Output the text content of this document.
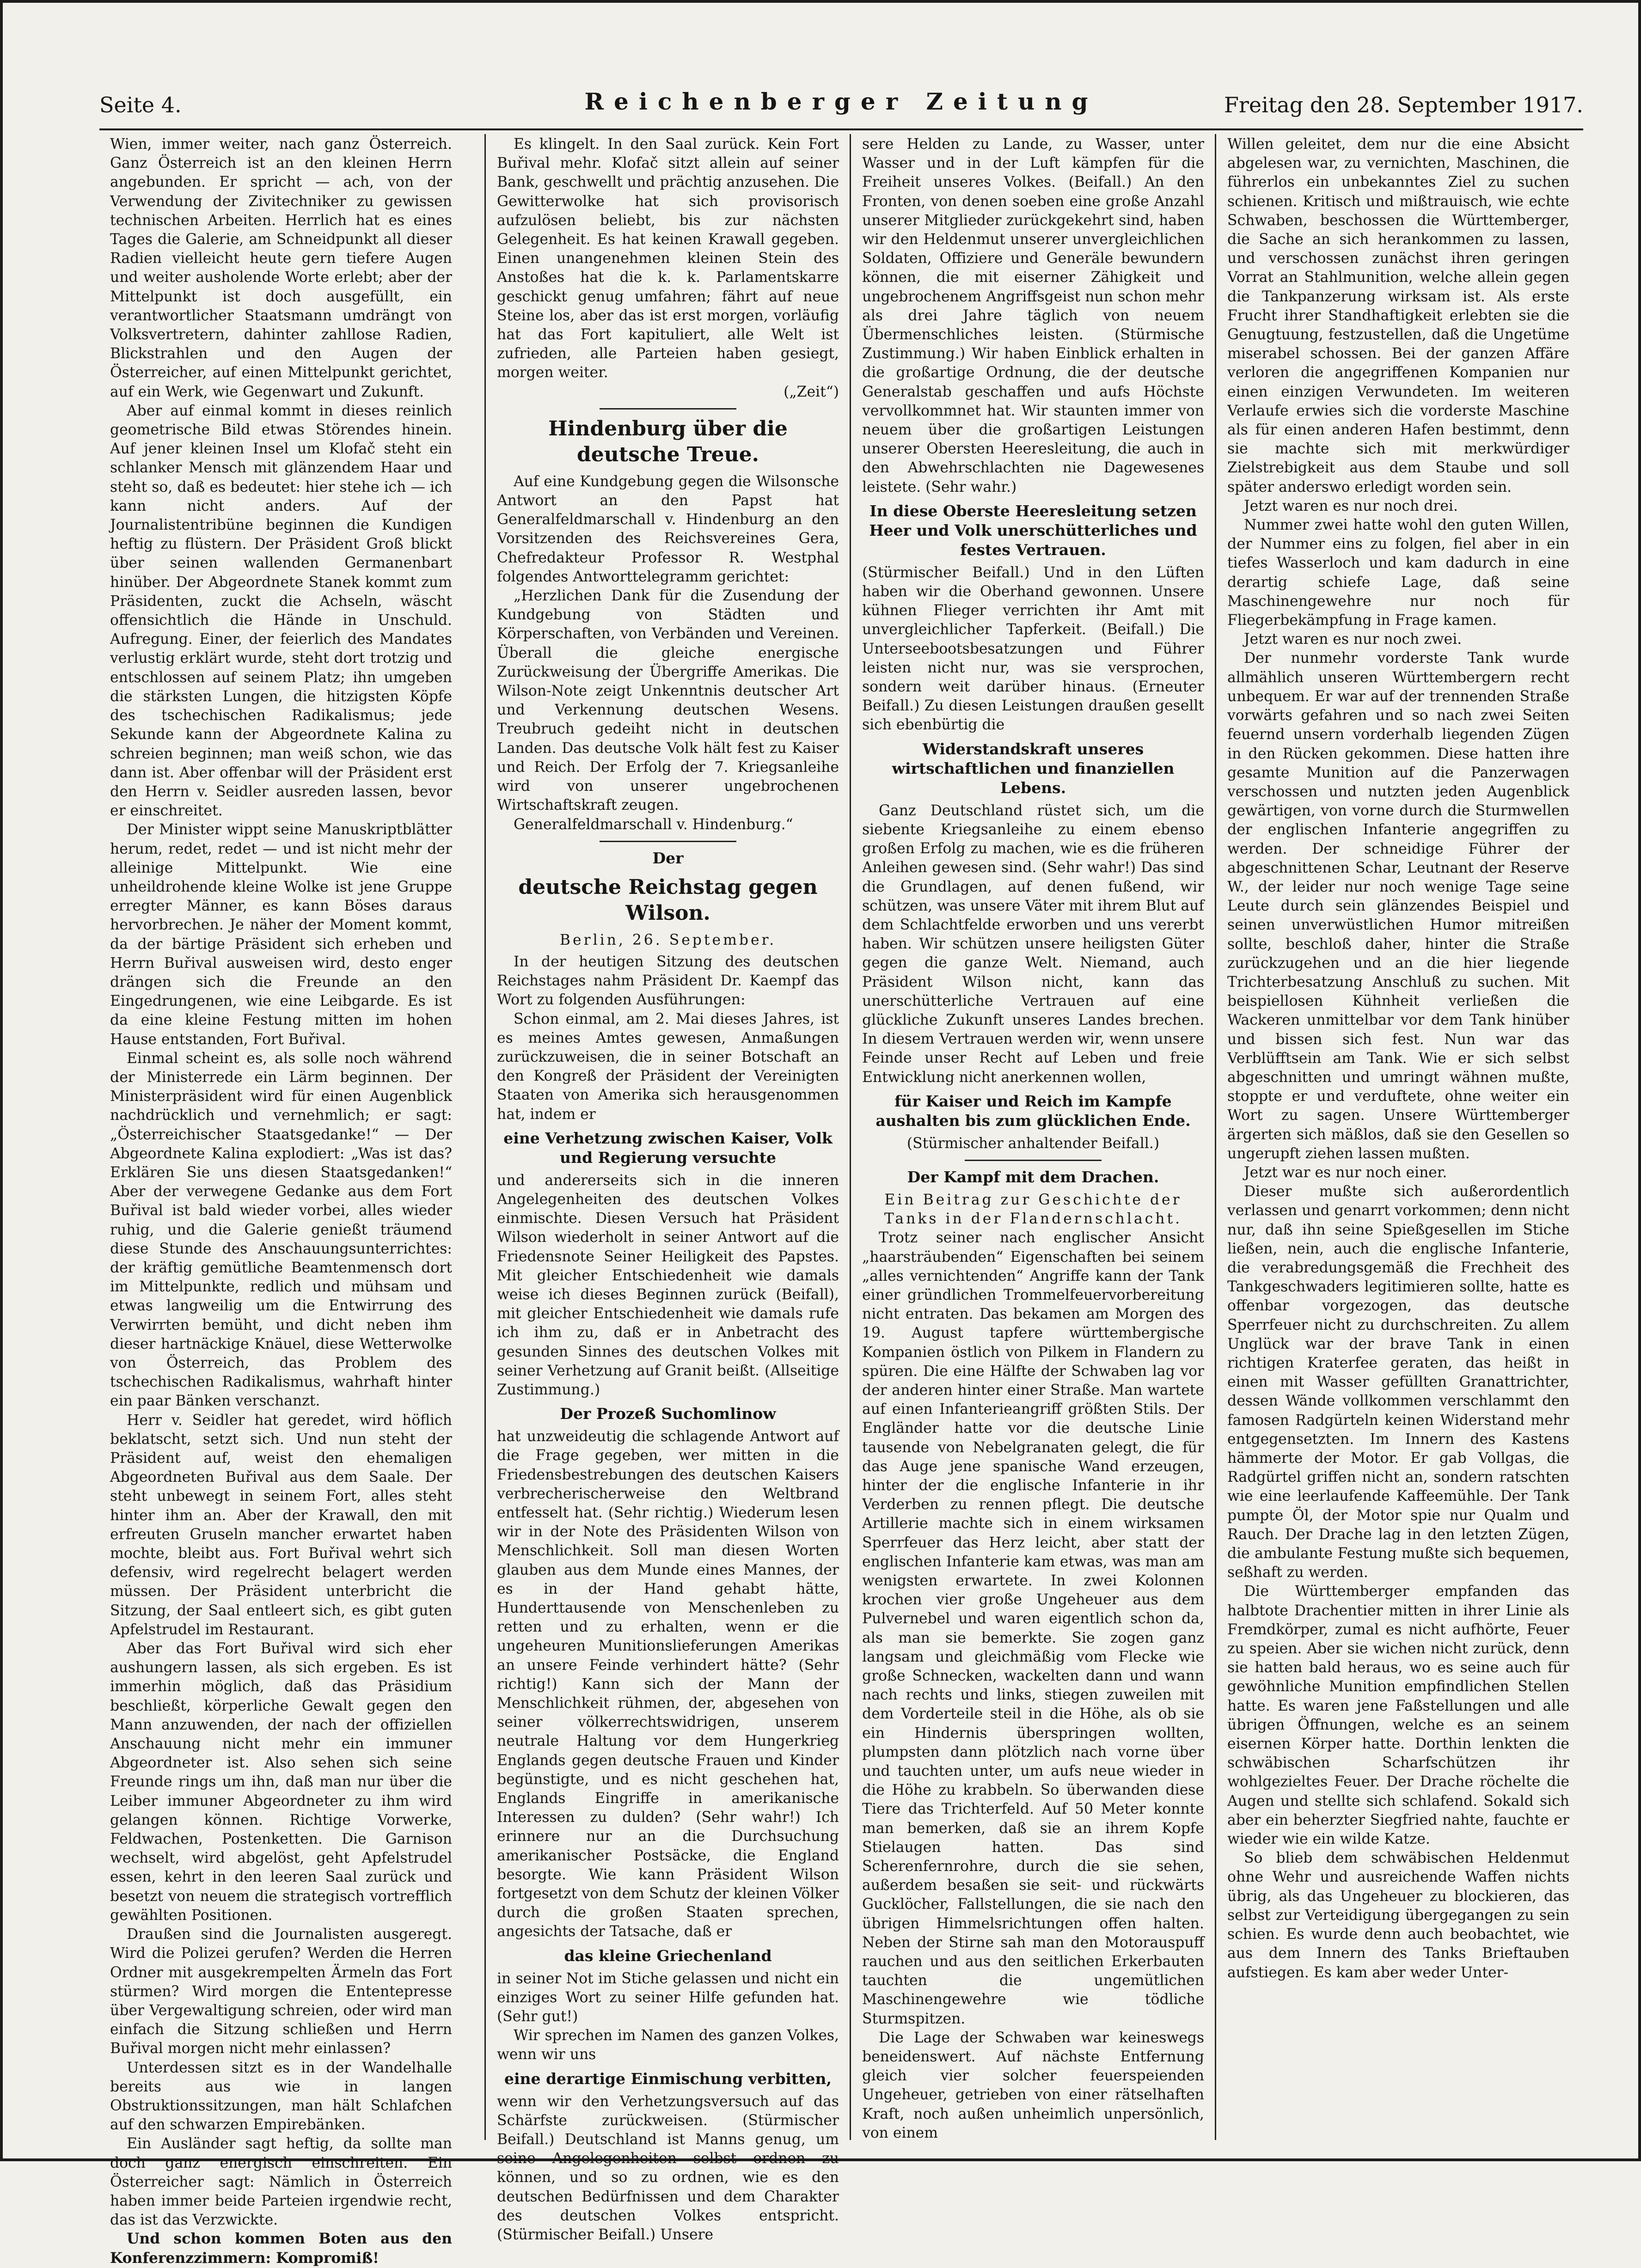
Seite 4.	Reichenberger Zeitung	Freitag den 28. September 1917.

Wien, immer weiter, nach ganz Österreich. Ganz Österreich ist an den kleinen Herrn angebunden. Er spricht — ach, von der Verwendung der Zivitechniker zu gewissen technischen Arbeiten. Herrlich hat es eines Tages die Galerie, am Schneidpunkt all dieser Radien vielleicht heute gern tiefere Augen und weiter ausholende Worte erlebt; aber der Mittelpunkt ist doch ausgefüllt, ein verantwortlicher Staatsmann umdrängt von Volksvertretern, dahinter zahllose Radien, Blickstrahlen und den Augen der Österreicher, auf einen Mittelpunkt gerichtet, auf ein Werk, wie Gegenwart und Zukunft.

Aber auf einmal kommt in dieses reinlich geometrische Bild etwas Störendes hinein. Auf jener kleinen Insel um Klofač steht ein schlanker Mensch mit glänzendem Haar und steht so, daß es bedeutet: hier stehe ich — ich kann nicht anders. Auf der Journalistentribüne beginnen die Kundigen heftig zu flüstern. Der Präsident Groß blickt über seinen wallenden Germanenbart hinüber. Der Abgeordnete Stanek kommt zum Präsidenten, zuckt die Achseln, wäscht offensichtlich die Hände in Unschuld. Aufregung. Einer, der feierlich des Mandates verlustig erklärt wurde, steht dort trotzig und entschlossen auf seinem Platz; ihn umgeben die stärksten Lungen, die hitzigsten Köpfe des tschechischen Radikalismus; jede Sekunde kann der Abgeordnete Kalina zu schreien beginnen; man weiß schon, wie das dann ist. Aber offenbar will der Präsident erst den Herrn v. Seidler ausreden lassen, bevor er einschreitet.

Der Minister wippt seine Manuskriptblätter herum, redet, redet — und ist nicht mehr der alleinige Mittelpunkt. Wie eine unheildrohende kleine Wolke ist jene Gruppe erregter Männer, es kann Böses daraus hervorbrechen. Je näher der Moment kommt, da der bärtige Präsident sich erheben und Herrn Buřival ausweisen wird, desto enger drängen sich die Freunde an den Eingedrungenen, wie eine Leibgarde. Es ist da eine kleine Festung mitten im hohen Hause entstanden, Fort Buřival.

Einmal scheint es, als solle noch während der Ministerrede ein Lärm beginnen. Der Ministerpräsident wird für einen Augenblick nachdrücklich und vernehmlich; er sagt: „Österreichischer Staatsgedanke!“ — Der Abgeordnete Kalina explodiert: „Was ist das? Erklären Sie uns diesen Staatsgedanken!“ Aber der verwegene Gedanke aus dem Fort Buřival ist bald wieder vorbei, alles wieder ruhig, und die Galerie genießt träumend diese Stunde des Anschauungsunterrichtes: der kräftig gemütliche Beamtenmensch dort im Mittelpunkte, redlich und mühsam und etwas langweilig um die Entwirrung des Verwirrten bemüht, und dicht neben ihm dieser hartnäckige Knäuel, diese Wetterwolke von Österreich, das Problem des tschechischen Radikalismus, wahrhaft hinter ein paar Bänken verschanzt.

Herr v. Seidler hat geredet, wird höflich beklatscht, setzt sich. Und nun steht der Präsident auf, weist den ehemaligen Abgeordneten Buřival aus dem Saale. Der steht unbewegt in seinem Fort, alles steht hinter ihm an. Aber der Krawall, den mit erfreuten Gruseln mancher erwartet haben mochte, bleibt aus. Fort Buřival wehrt sich defensiv, wird regelrecht belagert werden müssen. Der Präsident unterbricht die Sitzung, der Saal entleert sich, es gibt guten Apfelstrudel im Restaurant.

Aber das Fort Buřival wird sich eher aushungern lassen, als sich ergeben. Es ist immerhin möglich, daß das Präsidium beschließt, körperliche Gewalt gegen den Mann anzuwenden, der nach der offiziellen Anschauung nicht mehr ein immuner Abgeordneter ist. Also sehen sich seine Freunde rings um ihn, daß man nur über die Leiber immuner Abgeordneter zu ihm wird gelangen können. Richtige Vorwerke, Feldwachen, Postenketten. Die Garnison wechselt, wird abgelöst, geht Apfelstrudel essen, kehrt in den leeren Saal zurück und besetzt von neuem die strategisch vortrefflich gewählten Positionen.

Draußen sind die Journalisten ausgeregt. Wird die Polizei gerufen? Werden die Herren Ordner mit ausgekrempelten Ärmeln das Fort stürmen? Wird morgen die Ententepresse über Vergewaltigung schreien, oder wird man einfach die Sitzung schließen und Herrn Buřival morgen nicht mehr einlassen?

Unterdessen sitzt es in der Wandelhalle bereits aus wie in langen Obstruktionssitzungen, man hält Schlafchen auf den schwarzen Empirebänken.

Ein Ausländer sagt heftig, da sollte man doch ganz energisch einschreiten. Ein Österreicher sagt: Nämlich in Österreich haben immer beide Parteien irgendwie recht, das ist das Verzwickte.

Und schon kommen Boten aus den Konferenzzimmern: Kompromiß!

Es klingelt. In den Saal zurück. Kein Fort Buřival mehr. Klofač sitzt allein auf seiner Bank, geschwellt und prächtig anzusehen. Die Gewitterwolke hat sich provisorisch aufzulösen beliebt, bis zur nächsten Gelegenheit. Es hat keinen Krawall gegeben. Einen unangenehmen kleinen Stein des Anstoßes hat die k. k. Parlamentskarre geschickt genug umfahren; fährt auf neue Steine los, aber das ist erst morgen, vorläufig hat das Fort kapituliert, alle Welt ist zufrieden, alle Parteien haben gesiegt, morgen weiter.

(„Zeit“)

Hindenburg über die deutsche Treue.

Auf eine Kundgebung gegen die Wilsonsche Antwort an den Papst hat Generalfeldmarschall v. Hindenburg an den Vorsitzenden des Reichsvereines Gera, Chefredakteur Professor R. Westphal folgendes Antworttelegramm gerichtet:

„Herzlichen Dank für die Zusendung der Kundgebung von Städten und Körperschaften, von Verbänden und Vereinen. Überall die gleiche energische Zurückweisung der Übergriffe Amerikas. Die Wilson-Note zeigt Unkenntnis deutscher Art und Verkennung deutschen Wesens. Treubruch gedeiht nicht in deutschen Landen. Das deutsche Volk hält fest zu Kaiser und Reich. Der Erfolg der 7. Kriegsanleihe wird von unserer ungebrochenen Wirtschaftskraft zeugen.

Generalfeldmarschall v. Hindenburg.“

Der
deutsche Reichstag gegen Wilson.
Berlin, 26. September.

In der heutigen Sitzung des deutschen Reichstages nahm Präsident Dr. Kaempf das Wort zu folgenden Ausführungen:

Schon einmal, am 2. Mai dieses Jahres, ist es meines Amtes gewesen, Anmaßungen zurückzuweisen, die in seiner Botschaft an den Kongreß der Präsident der Vereinigten Staaten von Amerika sich herausgenommen hat, indem er

eine Verhetzung zwischen Kaiser, Volk und Regierung versuchte

und andererseits sich in die inneren Angelegenheiten des deutschen Volkes einmischte. Diesen Versuch hat Präsident Wilson wiederholt in seiner Antwort auf die Friedensnote Seiner Heiligkeit des Papstes. Mit gleicher Entschiedenheit wie damals weise ich dieses Beginnen zurück (Beifall), mit gleicher Entschiedenheit wie damals rufe ich ihm zu, daß er in Anbetracht des gesunden Sinnes des deutschen Volkes mit seiner Verhetzung auf Granit beißt. (Allseitige Zustimmung.)

Der Prozeß Suchomlinow

hat unzweideutig die schlagende Antwort auf die Frage gegeben, wer mitten in die Friedensbestrebungen des deutschen Kaisers verbrecherischerweise den Weltbrand entfesselt hat. (Sehr richtig.) Wiederum lesen wir in der Note des Präsidenten Wilson von Menschlichkeit. Soll man diesen Worten glauben aus dem Munde eines Mannes, der es in der Hand gehabt hätte, Hunderttausende von Menschenleben zu retten und zu erhalten, wenn er die ungeheuren Munitionslieferungen Amerikas an unsere Feinde verhindert hätte? (Sehr richtig!) Kann sich der Mann der Menschlichkeit rühmen, der, abgesehen von seiner völkerrechtswidrigen, unserem neutrale Haltung vor dem Hungerkrieg Englands gegen deutsche Frauen und Kinder begünstigte, und es nicht geschehen hat, Englands Eingriffe in amerikanische Interessen zu dulden? (Sehr wahr!) Ich erinnere nur an die Durchsuchung amerikanischer Postsäcke, die England besorgte. Wie kann Präsident Wilson fortgesetzt von dem Schutz der kleinen Völker durch die großen Staaten sprechen, angesichts der Tatsache, daß er

das kleine Griechenland

in seiner Not im Stiche gelassen und nicht ein einziges Wort zu seiner Hilfe gefunden hat. (Sehr gut!)

Wir sprechen im Namen des ganzen Volkes, wenn wir uns

eine derartige Einmischung verbitten,

wenn wir den Verhetzungsversuch auf das Schärfste zurückweisen. (Stürmischer Beifall.) Deutschland ist Manns genug, um seine Angelegenheiten selbst ordnen zu können, und so zu ordnen, wie es den deutschen Bedürfnissen und dem Charakter des deutschen Volkes entspricht. (Stürmischer Beifall.) Unsere

sere Helden zu Lande, zu Wasser, unter Wasser und in der Luft kämpfen für die Freiheit unseres Volkes. (Beifall.) An den Fronten, von denen soeben eine große Anzahl unserer Mitglieder zurückgekehrt sind, haben wir den Heldenmut unserer unvergleichlichen Soldaten, Offiziere und Generäle bewundern können, die mit eiserner Zähigkeit und ungebrochenem Angriffsgeist nun schon mehr als drei Jahre täglich von neuem Übermenschliches leisten. (Stürmische Zustimmung.) Wir haben Einblick erhalten in die großartige Ordnung, die der deutsche Generalstab geschaffen und aufs Höchste vervollkommnet hat. Wir staunten immer von neuem über die großartigen Leistungen unserer Obersten Heeresleitung, die auch in den Abwehrschlachten nie Dagewesenes leistete. (Sehr wahr.)

In diese Oberste Heeresleitung setzen Heer und Volk unerschütterliches und festes Vertrauen.

(Stürmischer Beifall.) Und in den Lüften haben wir die Oberhand gewonnen. Unsere kühnen Flieger verrichten ihr Amt mit unvergleichlicher Tapferkeit. (Beifall.) Die Unterseebootsbesatzungen und Führer leisten nicht nur, was sie versprochen, sondern weit darüber hinaus. (Erneuter Beifall.) Zu diesen Leistungen draußen gesellt sich ebenbürtig die

Widerstandskraft unseres wirtschaftlichen und finanziellen Lebens.

Ganz Deutschland rüstet sich, um die siebente Kriegsanleihe zu einem ebenso großen Erfolg zu machen, wie es die früheren Anleihen gewesen sind. (Sehr wahr!) Das sind die Grundlagen, auf denen fußend, wir schützen, was unsere Väter mit ihrem Blut auf dem Schlachtfelde erworben und uns vererbt haben. Wir schützen unsere heiligsten Güter gegen die ganze Welt. Niemand, auch Präsident Wilson nicht, kann das unerschütterliche Vertrauen auf eine glückliche Zukunft unseres Landes brechen. In diesem Vertrauen werden wir, wenn unsere Feinde unser Recht auf Leben und freie Entwicklung nicht anerkennen wollen,

für Kaiser und Reich im Kampfe aushalten bis zum glücklichen Ende.

(Stürmischer anhaltender Beifall.)

Der Kampf mit dem Drachen.

Ein Beitrag zur Geschichte der Tanks in der Flandernschlacht.

Trotz seiner nach englischer Ansicht „haarsträubenden“ Eigenschaften bei seinem „alles vernichtenden“ Angriffe kann der Tank einer gründlichen Trommelfeuervorbereitung nicht entraten. Das bekamen am Morgen des 19. August tapfere württembergische Kompanien östlich von Pilkem in Flandern zu spüren. Die eine Hälfte der Schwaben lag vor der anderen hinter einer Straße. Man wartete auf einen Infanterieangriff größten Stils. Der Engländer hatte vor die deutsche Linie tausende von Nebelgranaten gelegt, die für das Auge jene spanische Wand erzeugen, hinter der die englische Infanterie in ihr Verderben zu rennen pflegt. Die deutsche Artillerie machte sich in einem wirksamen Sperrfeuer das Herz leicht, aber statt der englischen Infanterie kam etwas, was man am wenigsten erwartete. In zwei Kolonnen krochen vier große Ungeheuer aus dem Pulvernebel und waren eigentlich schon da, als man sie bemerkte. Sie zogen ganz langsam und gleichmäßig vom Flecke wie große Schnecken, wackelten dann und wann nach rechts und links, stiegen zuweilen mit dem Vorderteile steil in die Höhe, als ob sie ein Hindernis überspringen wollten, plumpsten dann plötzlich nach vorne über und tauchten unter, um aufs neue wieder in die Höhe zu krabbeln. So überwanden diese Tiere das Trichterfeld. Auf 50 Meter konnte man bemerken, daß sie an ihrem Kopfe Stielaugen hatten. Das sind Scherenfernrohre, durch die sie sehen, außerdem besaßen sie seit- und rückwärts Gucklöcher, Fallstellungen, die sie nach den übrigen Himmelsrichtungen offen halten. Neben der Stirne sah man den Motorauspuff rauchen und aus den seitlichen Erkerbauten tauchten die ungemütlichen Maschinengewehre wie tödliche Sturmspitzen.

Die Lage der Schwaben war keineswegs beneidenswert. Auf nächste Entfernung gleich vier solcher feuerspeienden Ungeheuer, getrieben von einer rätselhaften Kraft, noch außen unheimlich unpersönlich, von einem

Willen geleitet, dem nur die eine Absicht abgelesen war, zu vernichten, Maschinen, die führerlos ein unbekanntes Ziel zu suchen schienen. Kritisch und mißtrauisch, wie echte Schwaben, beschossen die Württemberger, die Sache an sich herankommen zu lassen, und verschossen zunächst ihren geringen Vorrat an Stahlmunition, welche allein gegen die Tankpanzerung wirksam ist. Als erste Frucht ihrer Standhaftigkeit erlebten sie die Genugtuung, festzustellen, daß die Ungetüme miserabel schossen. Bei der ganzen Affäre verloren die angegriffenen Kompanien nur einen einzigen Verwundeten. Im weiteren Verlaufe erwies sich die vorderste Maschine als für einen anderen Hafen bestimmt, denn sie machte sich mit merkwürdiger Zielstrebigkeit aus dem Staube und soll später anderswo erledigt worden sein.

Jetzt waren es nur noch drei.

Nummer zwei hatte wohl den guten Willen, der Nummer eins zu folgen, fiel aber in ein tiefes Wasserloch und kam dadurch in eine derartig schiefe Lage, daß seine Maschinengewehre nur noch für Fliegerbekämpfung in Frage kamen.

Jetzt waren es nur noch zwei.

Der nunmehr vorderste Tank wurde allmählich unseren Württembergern recht unbequem. Er war auf der trennenden Straße vorwärts gefahren und so nach zwei Seiten feuernd unsern vorderhalb liegenden Zügen in den Rücken gekommen. Diese hatten ihre gesamte Munition auf die Panzerwagen verschossen und nutzten jeden Augenblick gewärtigen, von vorne durch die Sturmwellen der englischen Infanterie angegriffen zu werden. Der schneidige Führer der abgeschnittenen Schar, Leutnant der Reserve W., der leider nur noch wenige Tage seine Leute durch sein glänzendes Beispiel und seinen unverwüstlichen Humor mitreißen sollte, beschloß daher, hinter die Straße zurückzugehen und an die hier liegende Trichterbesatzung Anschluß zu suchen. Mit beispiellosen Kühnheit verließen die Wackeren unmittelbar vor dem Tank hinüber und bissen sich fest. Nun war das Verblüfftsein am Tank. Wie er sich selbst abgeschnitten und umringt wähnen mußte, stoppte er und verduftete, ohne weiter ein Wort zu sagen. Unsere Württemberger ärgerten sich mäßlos, daß sie den Gesellen so ungerupft ziehen lassen mußten.

Jetzt war es nur noch einer.

Dieser mußte sich außerordentlich verlassen und genarrt vorkommen; denn nicht nur, daß ihn seine Spießgesellen im Stiche ließen, nein, auch die englische Infanterie, die verabredungsgemäß die Frechheit des Tankgeschwaders legitimieren sollte, hatte es offenbar vorgezogen, das deutsche Sperrfeuer nicht zu durchschreiten. Zu allem Unglück war der brave Tank in einen richtigen Kraterfee geraten, das heißt in einen mit Wasser gefüllten Granattrichter, dessen Wände vollkommen verschlammt den famosen Radgürteln keinen Widerstand mehr entgegensetzten. Im Innern des Kastens hämmerte der Motor. Er gab Vollgas, die Radgürtel griffen nicht an, sondern ratschten wie eine leerlaufende Kaffeemühle. Der Tank pumpte Öl, der Motor spie nur Qualm und Rauch. Der Drache lag in den letzten Zügen, die ambulante Festung mußte sich bequemen, seßhaft zu werden.

Die Württemberger empfanden das halbtote Drachentier mitten in ihrer Linie als Fremdkörper, zumal es nicht aufhörte, Feuer zu speien. Aber sie wichen nicht zurück, denn sie hatten bald heraus, wo es seine auch für gewöhnliche Munition empfindlichen Stellen hatte. Es waren jene Faßstellungen und alle übrigen Öffnungen, welche es an seinem eisernen Körper hatte. Dorthin lenkten die schwäbischen Scharfschützen ihr wohlgezieltes Feuer. Der Drache röchelte die Augen und stellte sich schlafend. Sokald sich aber ein beherzter Siegfried nahte, fauchte er wieder wie ein wilde Katze.

So blieb dem schwäbischen Heldenmut ohne Wehr und ausreichende Waffen nichts übrig, als das Ungeheuer zu blockieren, das selbst zur Verteidigung übergegangen zu sein schien. Es wurde denn auch beobachtet, wie aus dem Innern des Tanks Brieftauben aufstiegen. Es kam aber weder Unter-
